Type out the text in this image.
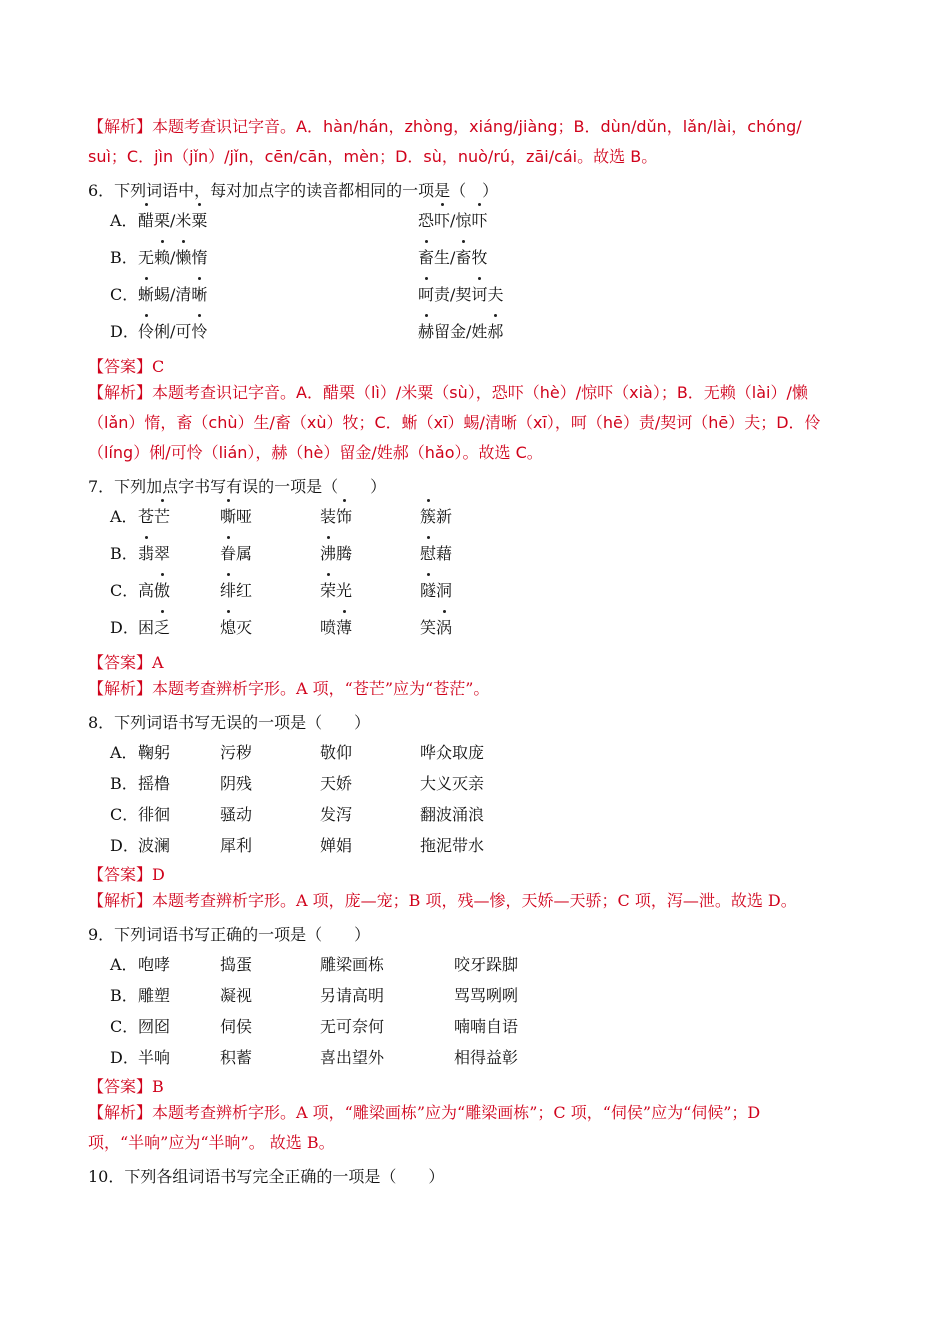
【解析】本题考查识记字音。A．hàn/hán，zhòng，xiáng/jiàng；B．dùn/dǔn，lǎn/lài，chóng/
suì；C．jìn（jǐn）/jǐn，cēn/cān，mèn；D．sù，nuò/rú，zāi/cái。故选 B。
6．下列词语中，每对加点字的读音都相同的一项是（　）
A． 醋栗/米粟	恐吓/惊吓
B． 无赖/懒惰	畜生/畜牧
C． 蜥蜴/清晰	呵责/契诃夫
D． 伶俐/可怜	赫留金/姓郝
【答案】C
【解析】本题考查识记字音。A．醋栗（lì）/米粟（sù），恐吓（hè）/惊吓（xià）；B．无赖（lài）/懒
（lǎn）惰，畜（chù）生/畜（xù）牧；C．蜥（xī）蜴/清晰（xī），呵（hē）责/契诃（hē）夫；D．伶
（líng）俐/可怜（lián），赫（hè）留金/姓郝（hǎo）。故选 C。
7．下列加点字书写有误的一项是（　　）
A． 苍芒	嘶哑	装饰	簇新
B． 翡翠	眷属	沸腾	慰藉
C． 高傲	绯红	荣光	隧洞
D． 困乏	熄灭	喷薄	笑涡
【答案】A
【解析】本题考查辨析字形。A 项，“苍芒”应为“苍茫”。
8．下列词语书写无误的一项是（　　）
A． 鞠躬	污秽	敬仰	哗众取庞
B． 摇橹	阴残	天娇	大义灭亲
C． 徘徊	骚动	发泻	翻波涌浪
D． 波澜	犀利	婵娟	拖泥带水
【答案】D
【解析】本题考查辨析字形。A 项，庞—宠；B 项，残—惨，天娇—天骄；C 项，泻—泄。故选 D。
9．下列词语书写正确的一项是（　　）
A． 咆哮	捣蛋	雕梁画栋	咬牙跺脚
B． 雕塑	凝视	另请高明	骂骂咧咧
C． 囫囵	伺侯	无可奈何	喃喃自语
D． 半响	积蓄	喜出望外	相得益彰
【答案】B
【解析】本题考查辨析字形。A 项，“雕梁画栋”应为“雕梁画栋”；C 项，“伺侯”应为“伺候”；D
项，“半响”应为“半晌”。 故选 B。
10．下列各组词语书写完全正确的一项是（　　）
